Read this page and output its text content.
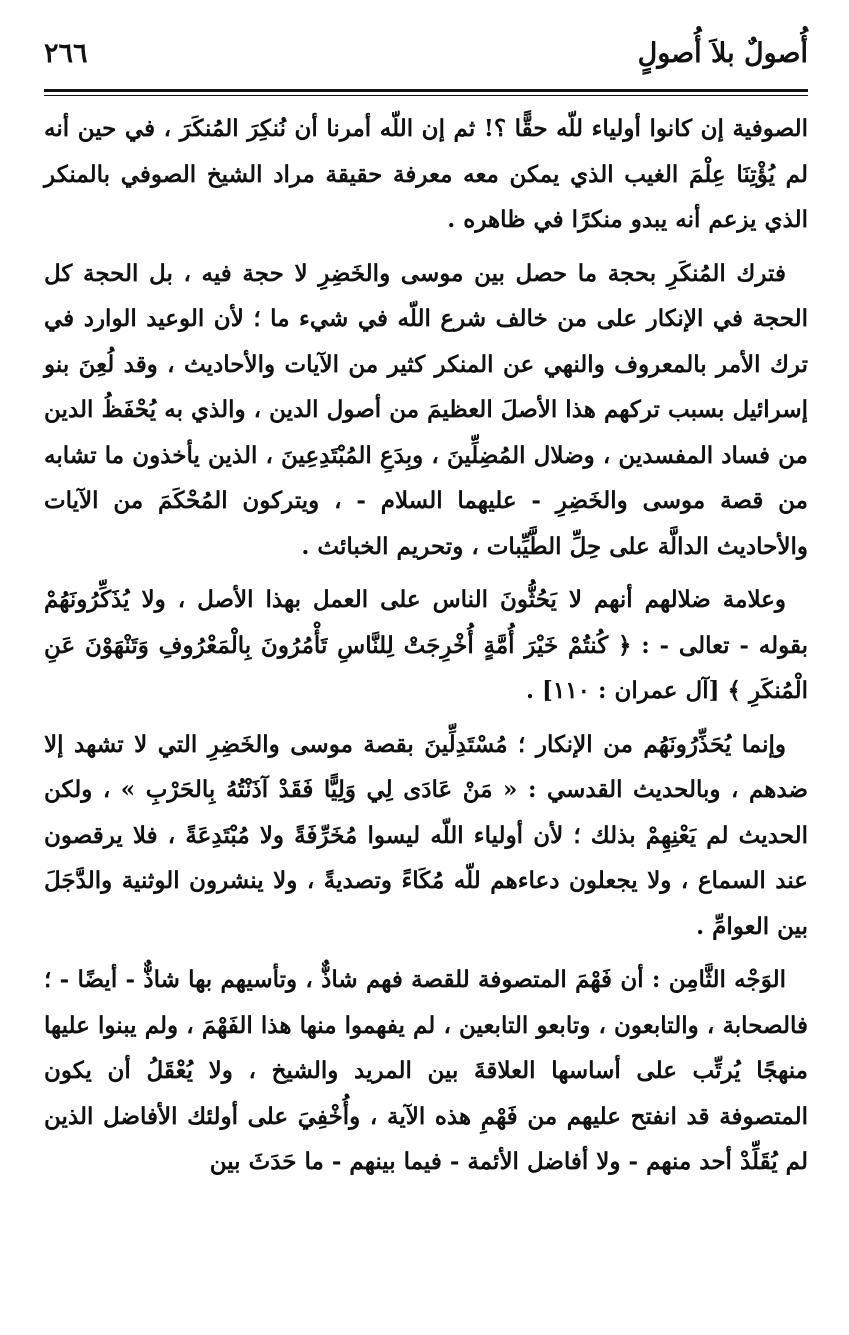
أُصولٌ بلاَ أُصولٍ
٢٦٦

الصوفية إن كانوا أولياء للّه حقًّا ؟! ثم إن اللّه أمرنا أن نُنكِرَ المُنكَرَ ، في حين أنه لم يُؤْتِنَا عِلْمَ الغيب الذي يمكن معه معرفة حقيقة مراد الشيخ الصوفي بالمنكر الذي يزعم أنه يبدو منكرًا في ظاهره .

فترك المُنكَرِ بحجة ما حصل بين موسى والخَضِرِ لا حجة فيه ، بل الحجة كل الحجة في الإنكار على من خالف شرع اللّه في شيء ما ؛ لأن الوعيد الوارد في ترك الأمر بالمعروف والنهي عن المنكر كثير من الآيات والأحاديث ، وقد لُعِنَ بنو إسرائيل بسبب تركهم هذا الأصلَ العظيمَ من أصول الدين ، والذي به يُحْفَظُ الدين من فساد المفسدين ، وضلال المُضِلِّينَ ، وبِدَعِ المُبْتَدِعِينَ ، الذين يأخذون ما تشابه من قصة موسى والخَضِرِ - عليهما السلام - ، ويتركون المُحْكَمَ من الآيات والأحاديث الدالَّة على حِلِّ الطَّيِّبات ، وتحريم الخبائث .

وعلامة ضلالهم أنهم لا يَحُثُّونَ الناس على العمل بهذا الأصل ، ولا يُذَكِّرُونَهُمْ بقوله - تعالى - : ﴿ كُنتُمْ خَيْرَ أُمَّةٍ أُخْرِجَتْ لِلنَّاسِ تَأْمُرُونَ بِالْمَعْرُوفِ وَتَنْهَوْنَ عَنِ الْمُنكَرِ ﴾ [آل عمران : ١١٠] .

وإنما يُحَذِّرُونَهُم من الإنكار ؛ مُسْتَدِلِّينَ بقصة موسى والخَضِرِ التي لا تشهد إلا ضدهم ، وبالحديث القدسي : « مَنْ عَادَى لِي وَلِيًّا فَقَدْ آذَنْتُهُ بِالحَرْبِ » ، ولكن الحديث لم يَعْنِهِمْ بذلك ؛ لأن أولياء اللّه ليسوا مُخَرِّفَةً ولا مُبْتَدِعَةً ، فلا يرقصون عند السماع ، ولا يجعلون دعاءهم للّه مُكَاءً وتصديةً ، ولا ينشرون الوثنية والدَّجَلَ بين العوامِّ .

الوَجْه الثَّامِن : أن فَهْمَ المتصوفة للقصة فهم شاذٌّ ، وتأسيهم بها شاذٌّ - أيضًا - ؛ فالصحابة ، والتابعون ، وتابعو التابعين ، لم يفهموا منها هذا الفَهْمَ ، ولم يبنوا عليها منهجًا يُرتِّب على أساسها العلاقةَ بين المريد والشيخ ، ولا يُعْقَلُ أن يكون المتصوفة قد انفتح عليهم من فَهْمِ هذه الآية ، وأُخْفِيَ على أولئك الأفاضل الذين لم يُقَلِّدْ أحد منهم - ولا أفاضل الأئمة - فيما بينهم - ما حَدَثَ بين
